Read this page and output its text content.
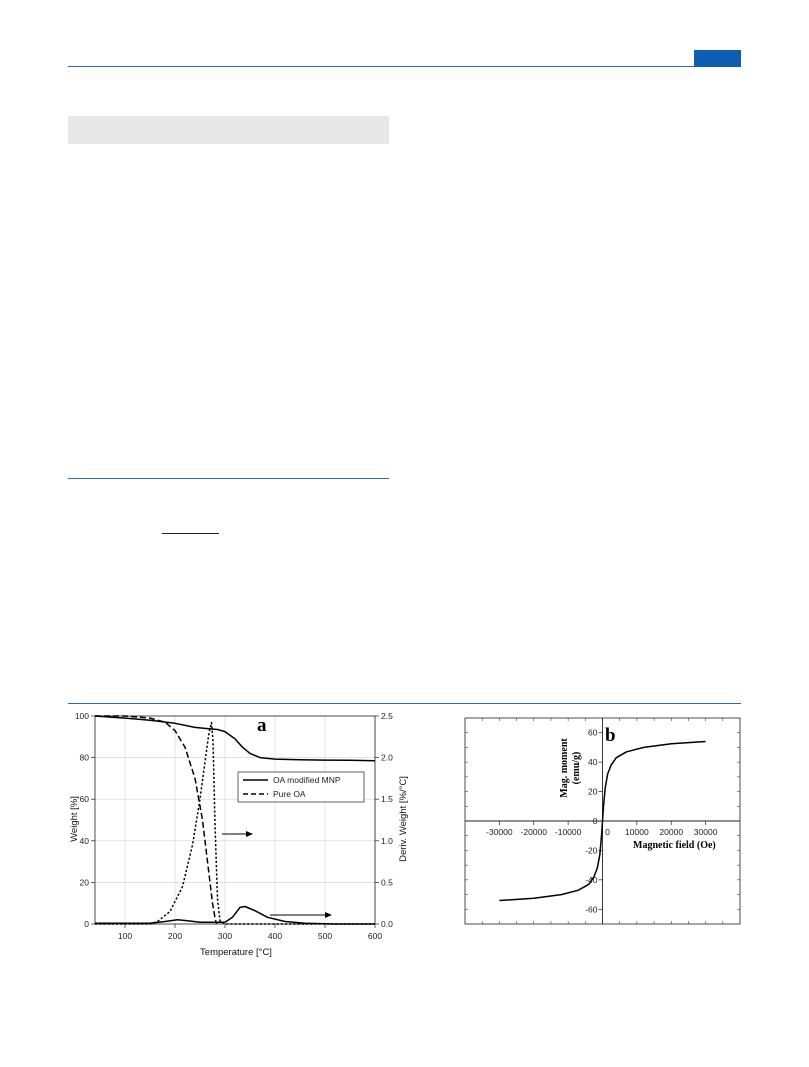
100	200	300	400	500	600
0
20
40
60
80
100
0.0
0.5
1.0
1.5
2.0
2.5
a
Temperature [°C]
Weight [%]	Deriv. Weight [%/°C]
OA modified MNP
Pure OA
-30000 -20000 -10000	0 10000 20000 30000
-60
-40
-20
0
20
40
60 b
Magnetic field (Oe)
Mag. moment (emu/g)
